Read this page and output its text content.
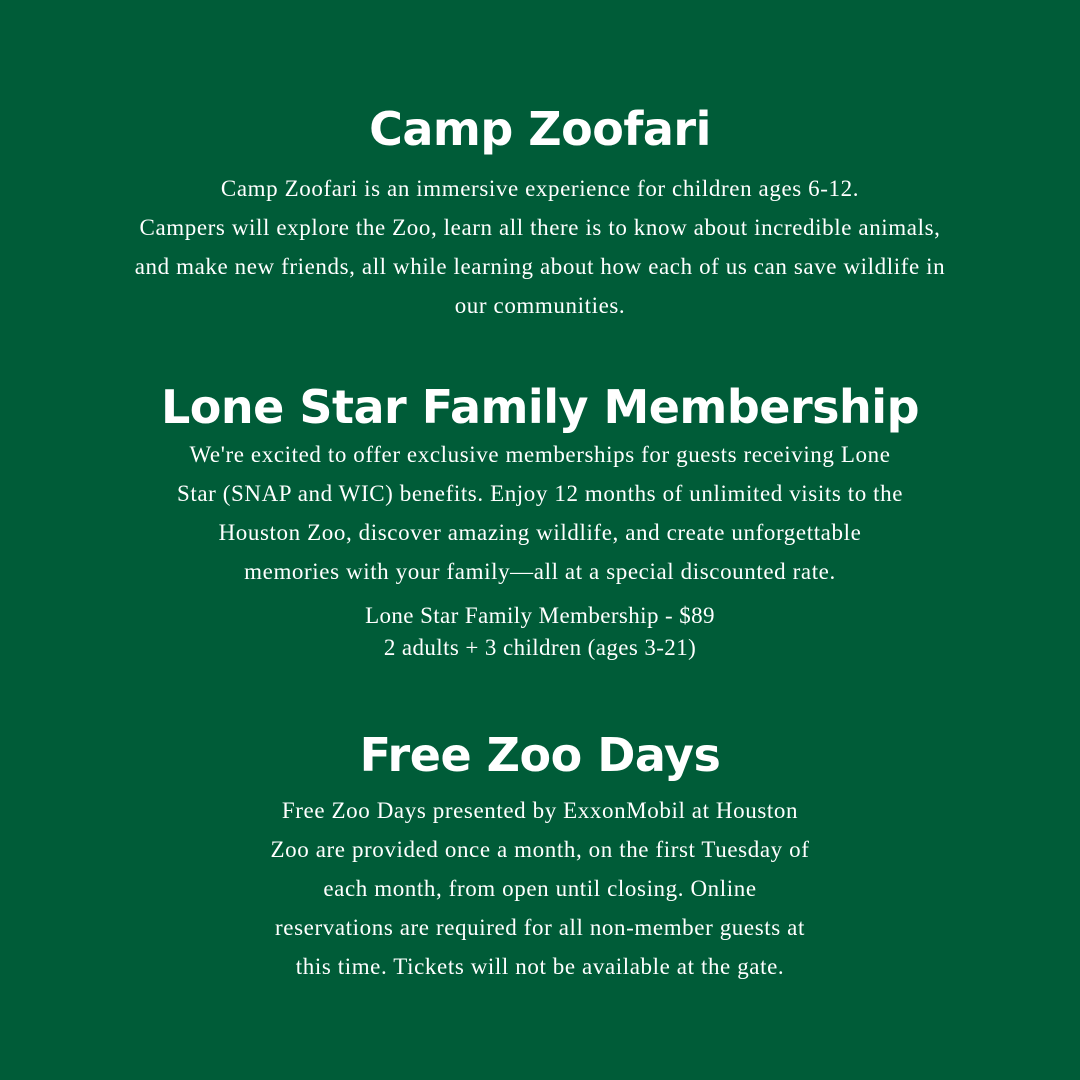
Camp Zoofari
Camp Zoofari is an immersive experience for children ages 6-12.
Campers will explore the Zoo, learn all there is to know about incredible animals,
and make new friends, all while learning about how each of us can save wildlife in
our communities.
Lone Star Family Membership
We're excited to offer exclusive memberships for guests receiving Lone
Star (SNAP and WIC) benefits. Enjoy 12 months of unlimited visits to the
Houston Zoo, discover amazing wildlife, and create unforgettable
memories with your family—all at a special discounted rate.
Lone Star Family Membership - $89
2 adults + 3 children (ages 3-21)
Free Zoo Days
Free Zoo Days presented by ExxonMobil at Houston
Zoo are provided once a month, on the first Tuesday of
each month, from open until closing. Online
reservations are required for all non-member guests at
this time. Tickets will not be available at the gate.
